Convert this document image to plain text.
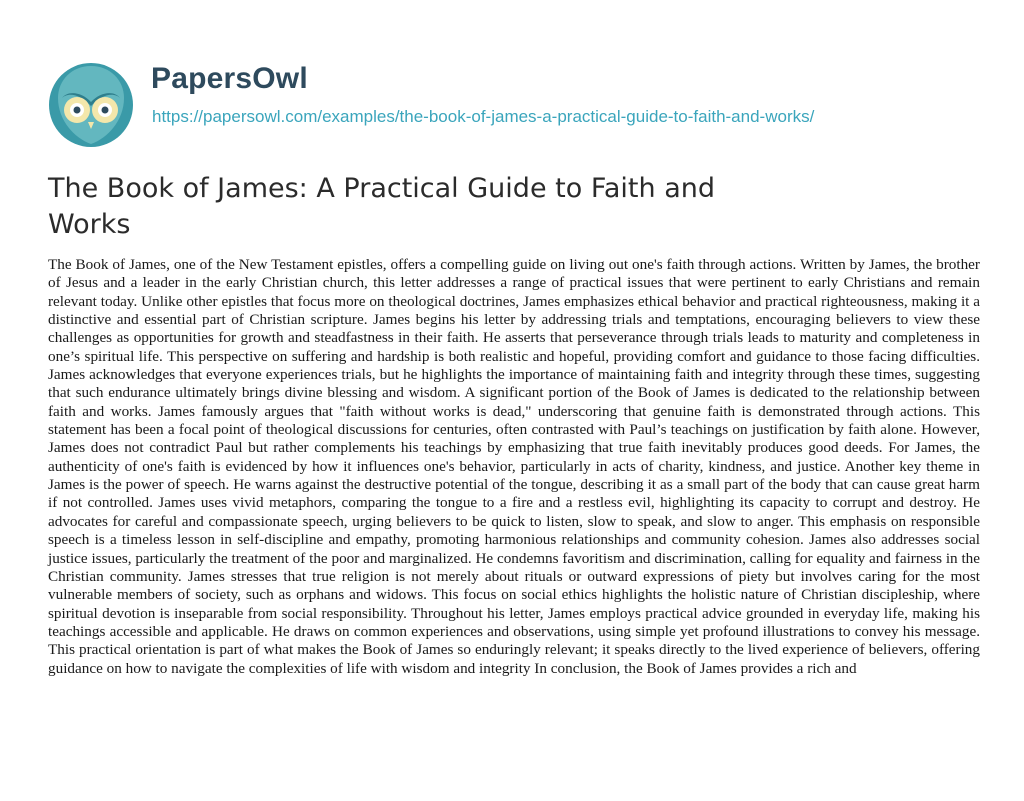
PapersOwl
https://papersowl.com/examples/the-book-of-james-a-practical-guide-to-faith-and-works/
The Book of James: A Practical Guide to Faith and Works

The Book of James, one of the New Testament epistles, offers a compelling guide on living out one's faith through actions. Written by James, the brother of Jesus and a leader in the early Christian church, this letter addresses a range of practical issues that were pertinent to early Christians and remain relevant today. Unlike other epistles that focus more on theological doctrines, James emphasizes ethical behavior and practical righteousness, making it a distinctive and essential part of Christian scripture. James begins his letter by addressing trials and temptations, encouraging believers to view these challenges as opportunities for growth and steadfastness in their faith. He asserts that perseverance through trials leads to maturity and completeness in one’s spiritual life. This perspective on suffering and hardship is both realistic and hopeful, providing comfort and guidance to those facing difficulties. James acknowledges that everyone experiences trials, but he highlights the importance of maintaining faith and integrity through these times, suggesting that such endurance ultimately brings divine blessing and wisdom. A significant portion of the Book of James is dedicated to the relationship between faith and works. James famously argues that "faith without works is dead," underscoring that genuine faith is demonstrated through actions. This statement has been a focal point of theological discussions for centuries, often contrasted with Paul’s teachings on justification by faith alone. However, James does not contradict Paul but rather complements his teachings by emphasizing that true faith inevitably produces good deeds. For James, the authenticity of one's faith is evidenced by how it influences one's behavior, particularly in acts of charity, kindness, and justice. Another key theme in James is the power of speech. He warns against the destructive potential of the tongue, describing it as a small part of the body that can cause great harm if not controlled. James uses vivid metaphors, comparing the tongue to a fire and a restless evil, highlighting its capacity to corrupt and destroy. He advocates for careful and compassionate speech, urging believers to be quick to listen, slow to speak, and slow to anger. This emphasis on responsible speech is a timeless lesson in self-discipline and empathy, promoting harmonious relationships and community cohesion. James also addresses social justice issues, particularly the treatment of the poor and marginalized. He condemns favoritism and discrimination, calling for equality and fairness in the Christian community. James stresses that true religion is not merely about rituals or outward expressions of piety but involves caring for the most vulnerable members of society, such as orphans and widows. This focus on social ethics highlights the holistic nature of Christian discipleship, where spiritual devotion is inseparable from social responsibility. Throughout his letter, James employs practical advice grounded in everyday life, making his teachings accessible and applicable. He draws on common experiences and observations, using simple yet profound illustrations to convey his message. This practical orientation is part of what makes the Book of James so enduringly relevant; it speaks directly to the lived experience of believers, offering guidance on how to navigate the complexities of life with wisdom and integrity In conclusion, the Book of James provides a rich and
